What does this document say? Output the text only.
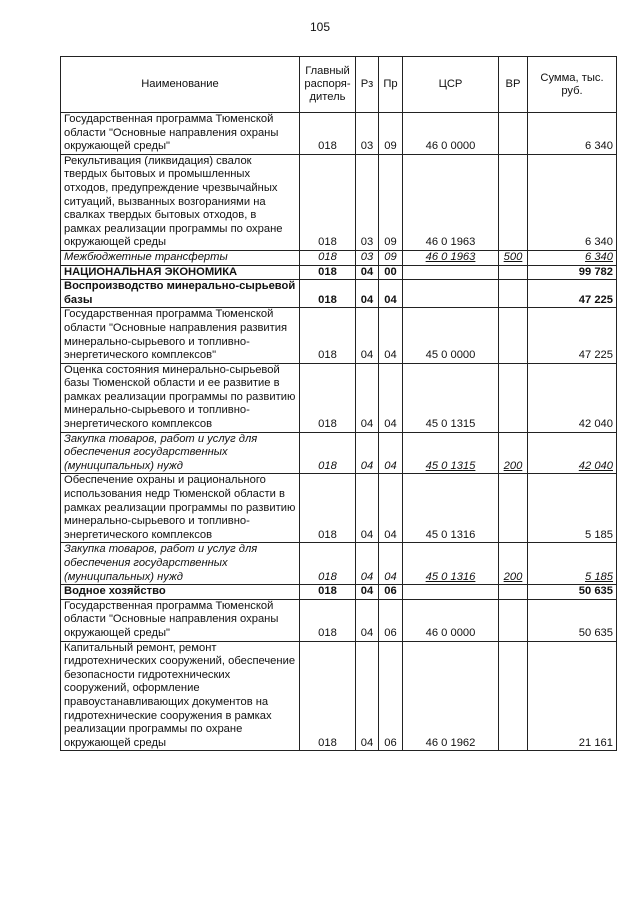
105
Наименование	Главный распоря-дитель	Рз	Пр	ЦСР	ВР	Сумма, тыс. руб.
Государственная программа Тюменской области "Основные направления охраны окружающей среды"	018	03	09	46 0 0000		6 340
Рекультивация (ликвидация) свалок твердых бытовых и промышленных отходов, предупреждение чрезвычайных ситуаций, вызванных возгораниями на свалках твердых бытовых отходов, в рамках реализации программы по охране окружающей среды	018	03	09	46 0 1963		6 340
Межбюджетные трансферты	018	03	09	46 0 1963	500	6 340
НАЦИОНАЛЬНАЯ ЭКОНОМИКА	018	04	00			99 782
Воспроизводство минерально-сырьевой базы	018	04	04			47 225
Государственная программа Тюменской области "Основные направления развития минерально-сырьевого и топливно-энергетического комплексов"	018	04	04	45 0 0000		47 225
Оценка состояния минерально-сырьевой базы Тюменской области и ее развитие в рамках реализации программы по развитию минерально-сырьевого и топливно-энергетического комплексов	018	04	04	45 0 1315		42 040
Закупка товаров, работ и услуг для обеспечения государственных (муниципальных) нужд	018	04	04	45 0 1315	200	42 040
Обеспечение охраны и рационального использования недр Тюменской области в рамках реализации программы по развитию минерально-сырьевого и топливно-энергетического комплексов	018	04	04	45 0 1316		5 185
Закупка товаров, работ и услуг для обеспечения государственных (муниципальных) нужд	018	04	04	45 0 1316	200	5 185
Водное хозяйство	018	04	06			50 635
Государственная программа Тюменской области "Основные направления охраны окружающей среды"	018	04	06	46 0 0000		50 635
Капитальный ремонт, ремонт гидротехнических сооружений, обеспечение безопасности гидротехнических сооружений, оформление правоустанавливающих документов на гидротехнические сооружения в рамках реализации программы по охране окружающей среды	018	04	06	46 0 1962		21 161
